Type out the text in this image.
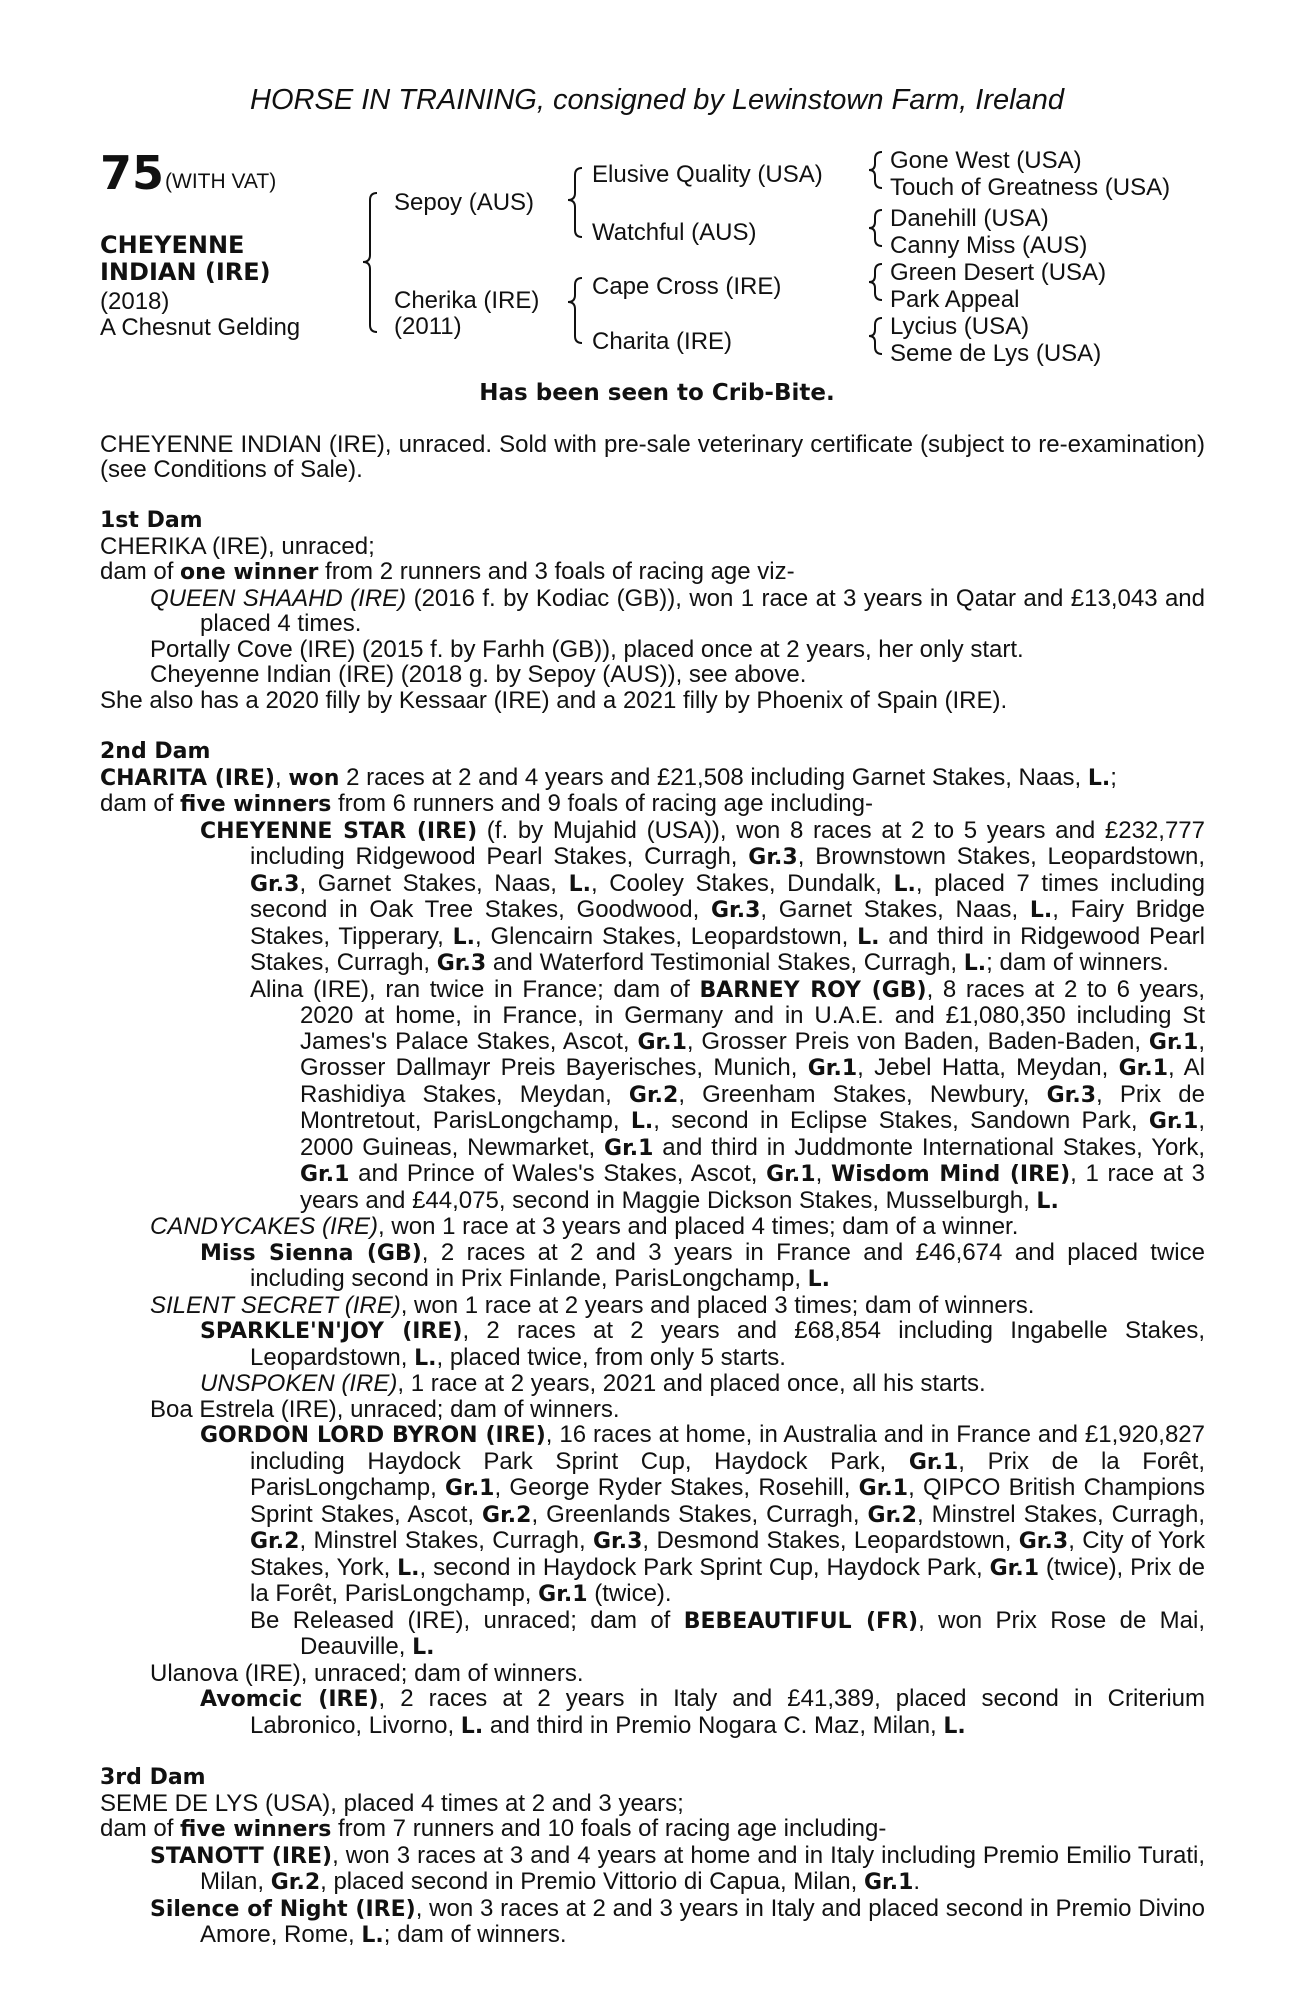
HORSE IN TRAINING, consigned by Lewinstown Farm, Ireland
75 (WITH VAT)
CHEYENNE
INDIAN (IRE)
(2018)
A Chesnut Gelding
Sepoy (AUS)
Cherika (IRE)
(2011)
Elusive Quality (USA)
Watchful (AUS)
Cape Cross (IRE)
Charita (IRE)
Gone West (USA)
Touch of Greatness (USA)
Danehill (USA)
Canny Miss (AUS)
Green Desert (USA)
Park Appeal
Lycius (USA)
Seme de Lys (USA)
Has been seen to Crib-Bite.
CHEYENNE INDIAN (IRE), unraced. Sold with pre-sale veterinary certificate (subject to re-examination) (see Conditions of Sale).
1st Dam

CHERIKA (IRE), unraced;

dam of one winner from 2 runners and 3 foals of racing age viz-

QUEEN SHAAHD (IRE) (2016 f. by Kodiac (GB)), won 1 race at 3 years in Qatar and £13,043 and placed 4 times.

Portally Cove (IRE) (2015 f. by Farhh (GB)), placed once at 2 years, her only start.

Cheyenne Indian (IRE) (2018 g. by Sepoy (AUS)), see above.

She also has a 2020 filly by Kessaar (IRE) and a 2021 filly by Phoenix of Spain (IRE).

2nd Dam

CHARITA (IRE), won 2 races at 2 and 4 years and £21,508 including Garnet Stakes, Naas, L.;

dam of five winners from 6 runners and 9 foals of racing age including-

CHEYENNE STAR (IRE) (f. by Mujahid (USA)), won 8 races at 2 to 5 years and £232,777 including Ridgewood Pearl Stakes, Curragh, Gr.3, Brownstown Stakes, Leopardstown, Gr.3, Garnet Stakes, Naas, L., Cooley Stakes, Dundalk, L., placed 7 times including second in Oak Tree Stakes, Goodwood, Gr.3, Garnet Stakes, Naas, L., Fairy Bridge Stakes, Tipperary, L., Glencairn Stakes, Leopardstown, L. and third in Ridgewood Pearl Stakes, Curragh, Gr.3 and Waterford Testimonial Stakes, Curragh, L.; dam of winners.

Alina (IRE), ran twice in France; dam of BARNEY ROY (GB), 8 races at 2 to 6 years, 2020 at home, in France, in Germany and in U.A.E. and £1,080,350 including St James's Palace Stakes, Ascot, Gr.1, Grosser Preis von Baden, Baden-Baden, Gr.1, Grosser Dallmayr Preis Bayerisches, Munich, Gr.1, Jebel Hatta, Meydan, Gr.1, Al Rashidiya Stakes, Meydan, Gr.2, Greenham Stakes, Newbury, Gr.3, Prix de Montretout, ParisLongchamp, L., second in Eclipse Stakes, Sandown Park, Gr.1, 2000 Guineas, Newmarket, Gr.1 and third in Juddmonte International Stakes, York, Gr.1 and Prince of Wales's Stakes, Ascot, Gr.1, Wisdom Mind (IRE), 1 race at 3 years and £44,075, second in Maggie Dickson Stakes, Musselburgh, L.

CANDYCAKES (IRE), won 1 race at 3 years and placed 4 times; dam of a winner.

Miss Sienna (GB), 2 races at 2 and 3 years in France and £46,674 and placed twice including second in Prix Finlande, ParisLongchamp, L.

SILENT SECRET (IRE), won 1 race at 2 years and placed 3 times; dam of winners.

SPARKLE'N'JOY (IRE), 2 races at 2 years and £68,854 including Ingabelle Stakes, Leopardstown, L., placed twice, from only 5 starts.

UNSPOKEN (IRE), 1 race at 2 years, 2021 and placed once, all his starts.

Boa Estrela (IRE), unraced; dam of winners.

GORDON LORD BYRON (IRE), 16 races at home, in Australia and in France and £1,920,827 including Haydock Park Sprint Cup, Haydock Park, Gr.1, Prix de la Forêt, ParisLongchamp, Gr.1, George Ryder Stakes, Rosehill, Gr.1, QIPCO British Champions Sprint Stakes, Ascot, Gr.2, Greenlands Stakes, Curragh, Gr.2, Minstrel Stakes, Curragh, Gr.2, Minstrel Stakes, Curragh, Gr.3, Desmond Stakes, Leopardstown, Gr.3, City of York Stakes, York, L., second in Haydock Park Sprint Cup, Haydock Park, Gr.1 (twice), Prix de la Forêt, ParisLongchamp, Gr.1 (twice).

Be Released (IRE), unraced; dam of BEBEAUTIFUL (FR), won Prix Rose de Mai, Deauville, L.

Ulanova (IRE), unraced; dam of winners.

Avomcic (IRE), 2 races at 2 years in Italy and £41,389, placed second in Criterium Labronico, Livorno, L. and third in Premio Nogara C. Maz, Milan, L.

3rd Dam

SEME DE LYS (USA), placed 4 times at 2 and 3 years;

dam of five winners from 7 runners and 10 foals of racing age including-

STANOTT (IRE), won 3 races at 3 and 4 years at home and in Italy including Premio Emilio Turati, Milan, Gr.2, placed second in Premio Vittorio di Capua, Milan, Gr.1.

Silence of Night (IRE), won 3 races at 2 and 3 years in Italy and placed second in Premio Divino Amore, Rome, L.; dam of winners.
